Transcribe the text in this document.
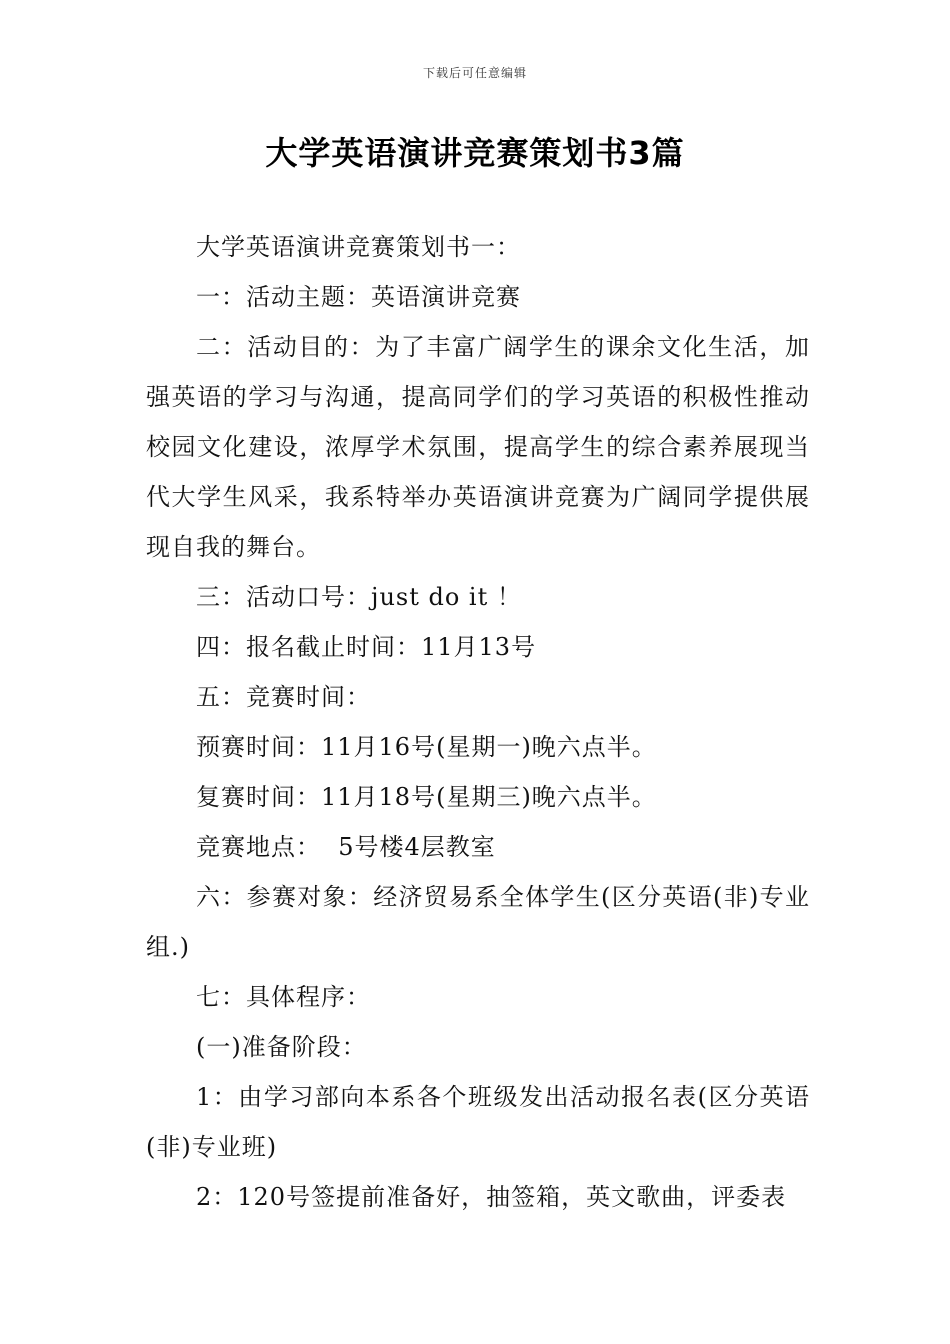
下载后可任意编辑
大学英语演讲竞赛策划书3篇

大学英语演讲竞赛策划书一：

一：活动主题：英语演讲竞赛

二：活动目的：为了丰富广阔学生的课余文化生活，加强英语的学习与沟通，提高同学们的学习英语的积极性推动校园文化建设，浓厚学术氛围，提高学生的综合素养展现当代大学生风采，我系特举办英语演讲竞赛为广阔同学提供展现自我的舞台。

三：活动口号：just do it ！

四：报名截止时间：11月13号

五：竞赛时间：

预赛时间：11月16号(星期一)晚六点半。

复赛时间：11月18号(星期三)晚六点半。

竞赛地点：  5号楼4层教室

六：参赛对象：经济贸易系全体学生(区分英语(非)专业组.)

七：具体程序：

(一)准备阶段：

1：由学习部向本系各个班级发出活动报名表(区分英语(非)专业班)

2：120号签提前准备好，抽签箱，英文歌曲，评委表
